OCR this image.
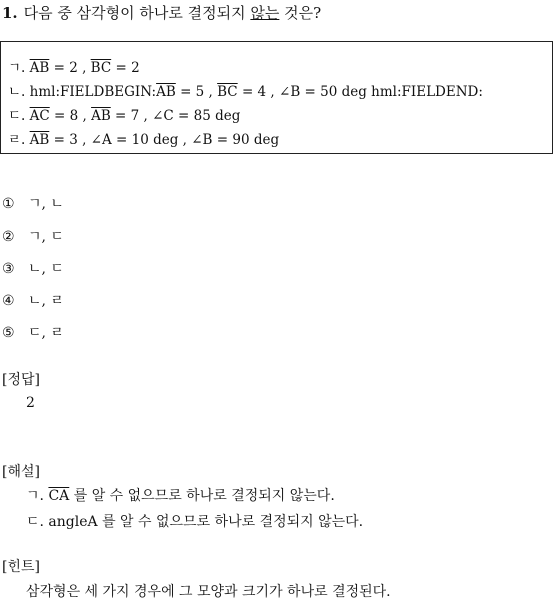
1. 다음 중 삼각형이 하나로 결정되지 않는 것은?
ㄱ. $\overline{AB} = 2$ , $\overline{BC} = 2$
ㄴ. $hml:FIELDBEGIN:\overline{AB} = 5$ , $\overline{BC} = 4$ , ∠B = 50 deg hml:FIELDEND:
ㄷ. $\overline{AC} = 8$ , $\overline{AB} = 7$ , ∠C = 85 deg
ㄹ. $\overline{AB} = 3$ , ∠A = 10 deg , ∠B = 90 deg
① ㄱ, ㄴ
② ㄱ, ㄷ
③ ㄴ, ㄷ
④ ㄴ, ㄹ
⑤ ㄷ, ㄹ
[정답]
2
[해설]
ㄱ. $\overline{CA}$ 를 알 수 없으므로 하나로 결정되지 않는다.
ㄷ. angleA 를 알 수 없으므로 하나로 결정되지 않는다.
[힌트]
삼각형은 세 가지 경우에 그 모양과 크기가 하나로 결정된다.
